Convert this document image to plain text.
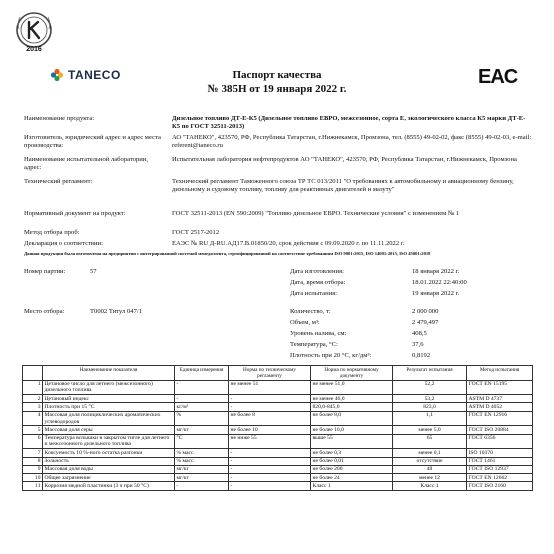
2016
TANECO	EAC
Паспорт качества
№ 385Н от 19 января 2022 г.
Наименование продукта:	Дизельное топливо ДТ-Е-К5 (Дизельное топливо ЕВРО, межсезонное, сорта Е, экологического класса К5 марки ДТ-Е-К5 по ГОСТ 32511-2013)
Изготовитель, юридический адрес и адрес места производства:
АО "ТАНЕКО", 423570, РФ, Республика Татарстан, г.Нижнекамск, Промзона, тел. (8555) 49-02-02, факс (8555) 49-02-03, e-mail: referent@taneco.ru
Наименование испытательной лаборатории, адрес:
Испытательная лаборатория нефтепродуктов АО "ТАНЕКО", 423570, РФ, Республика Татарстан, г.Нижнекамск, Промзона
Технический регламент:	Технический регламент Таможенного союза ТР ТС 013/2011 "О требованиях к автомобильному и авиационному бензину, дизельному и судовому топливу, топливу для реактивных двигателей и мазуту"
Нормативный документ на продукт:	ГОСТ 32511-2013 (EN 590:2009) "Топливо дизельное ЕВРО. Технические условия" с изменением № 1
Метод отбора проб:	ГОСТ 2517-2012
Декларация о соответствии:	ЕАЭС № RU Д-RU.АД17.В.01850/20, срок действия с 09.09.2020 г. по 11.11.2022 г.
Данная продукция была изготовлена на предприятии с интегрированной системой менеджмента, сертифицированной на соответствие требованиям ISO 9001:2015, ISO 14001:2015, ISO 45001:2018
Номер партии:	57
Место отбора:	Т0002 Титул 047/1
Дата изготовления:	18 января 2022 г.
Дата, время отбора:	18.01.2022 22:40:00
Дата испытания:	19 января 2022 г.
Количество, т:	2 000 000
Объем, м³:	2 479,497
Уровень налива, см:	408,5
Температура, °С:	37,6
Плотность при 20 °С, кг/дм³:	0,8192
	Наименование показателя	Единица измерения	Норма по техническому регламенту	Норма по нормативному документу	Результат испытания	Метод испытания
1	Цетановое число для летнего (межсезонного) дизельного топлива	-	не менее 51	не менее 51,0	52,2	ГОСТ EN 15195
2	Цетановый индекс	-	-	не менее 46,0	53,2	ASTM D 4737
3	Плотность при 15 °С	кг/м³	-	820,0-845,0	823,0	ASTM D 4052
4	Массовая доля полициклических ароматических углеводородов	%	не более 8	не более 8,0	1,1	ГОСТ EN 12916
5	Массовая доля серы	мг/кг	не более 10	не более 10,0	менее 5,0	ГОСТ ISO 20884
6	Температура вспышки в закрытом тигле для летнего и межсезонного дизельного топлива	°С	не ниже 55	выше 55	65	ГОСТ 6356
7	Коксуемость 10 %-ного остатка разгонки	% масс.	-	не более 0,3	менее 0,1	ISO 10370
8	Зольность	% масс.	-	не более 0,01	отсутствие	ГОСТ 1461
9	Массовая доля воды	мг/кг	-	не более 200	48	ГОСТ ISO 12937
10	Общее загрязнение	мг/кг	-	не более 24	менее 12	ГОСТ EN 12662
11	Коррозия медной пластинки (3 ч при 50 °С)	-	-	Класс 1	Класс 1	ГОСТ ISO 2160
